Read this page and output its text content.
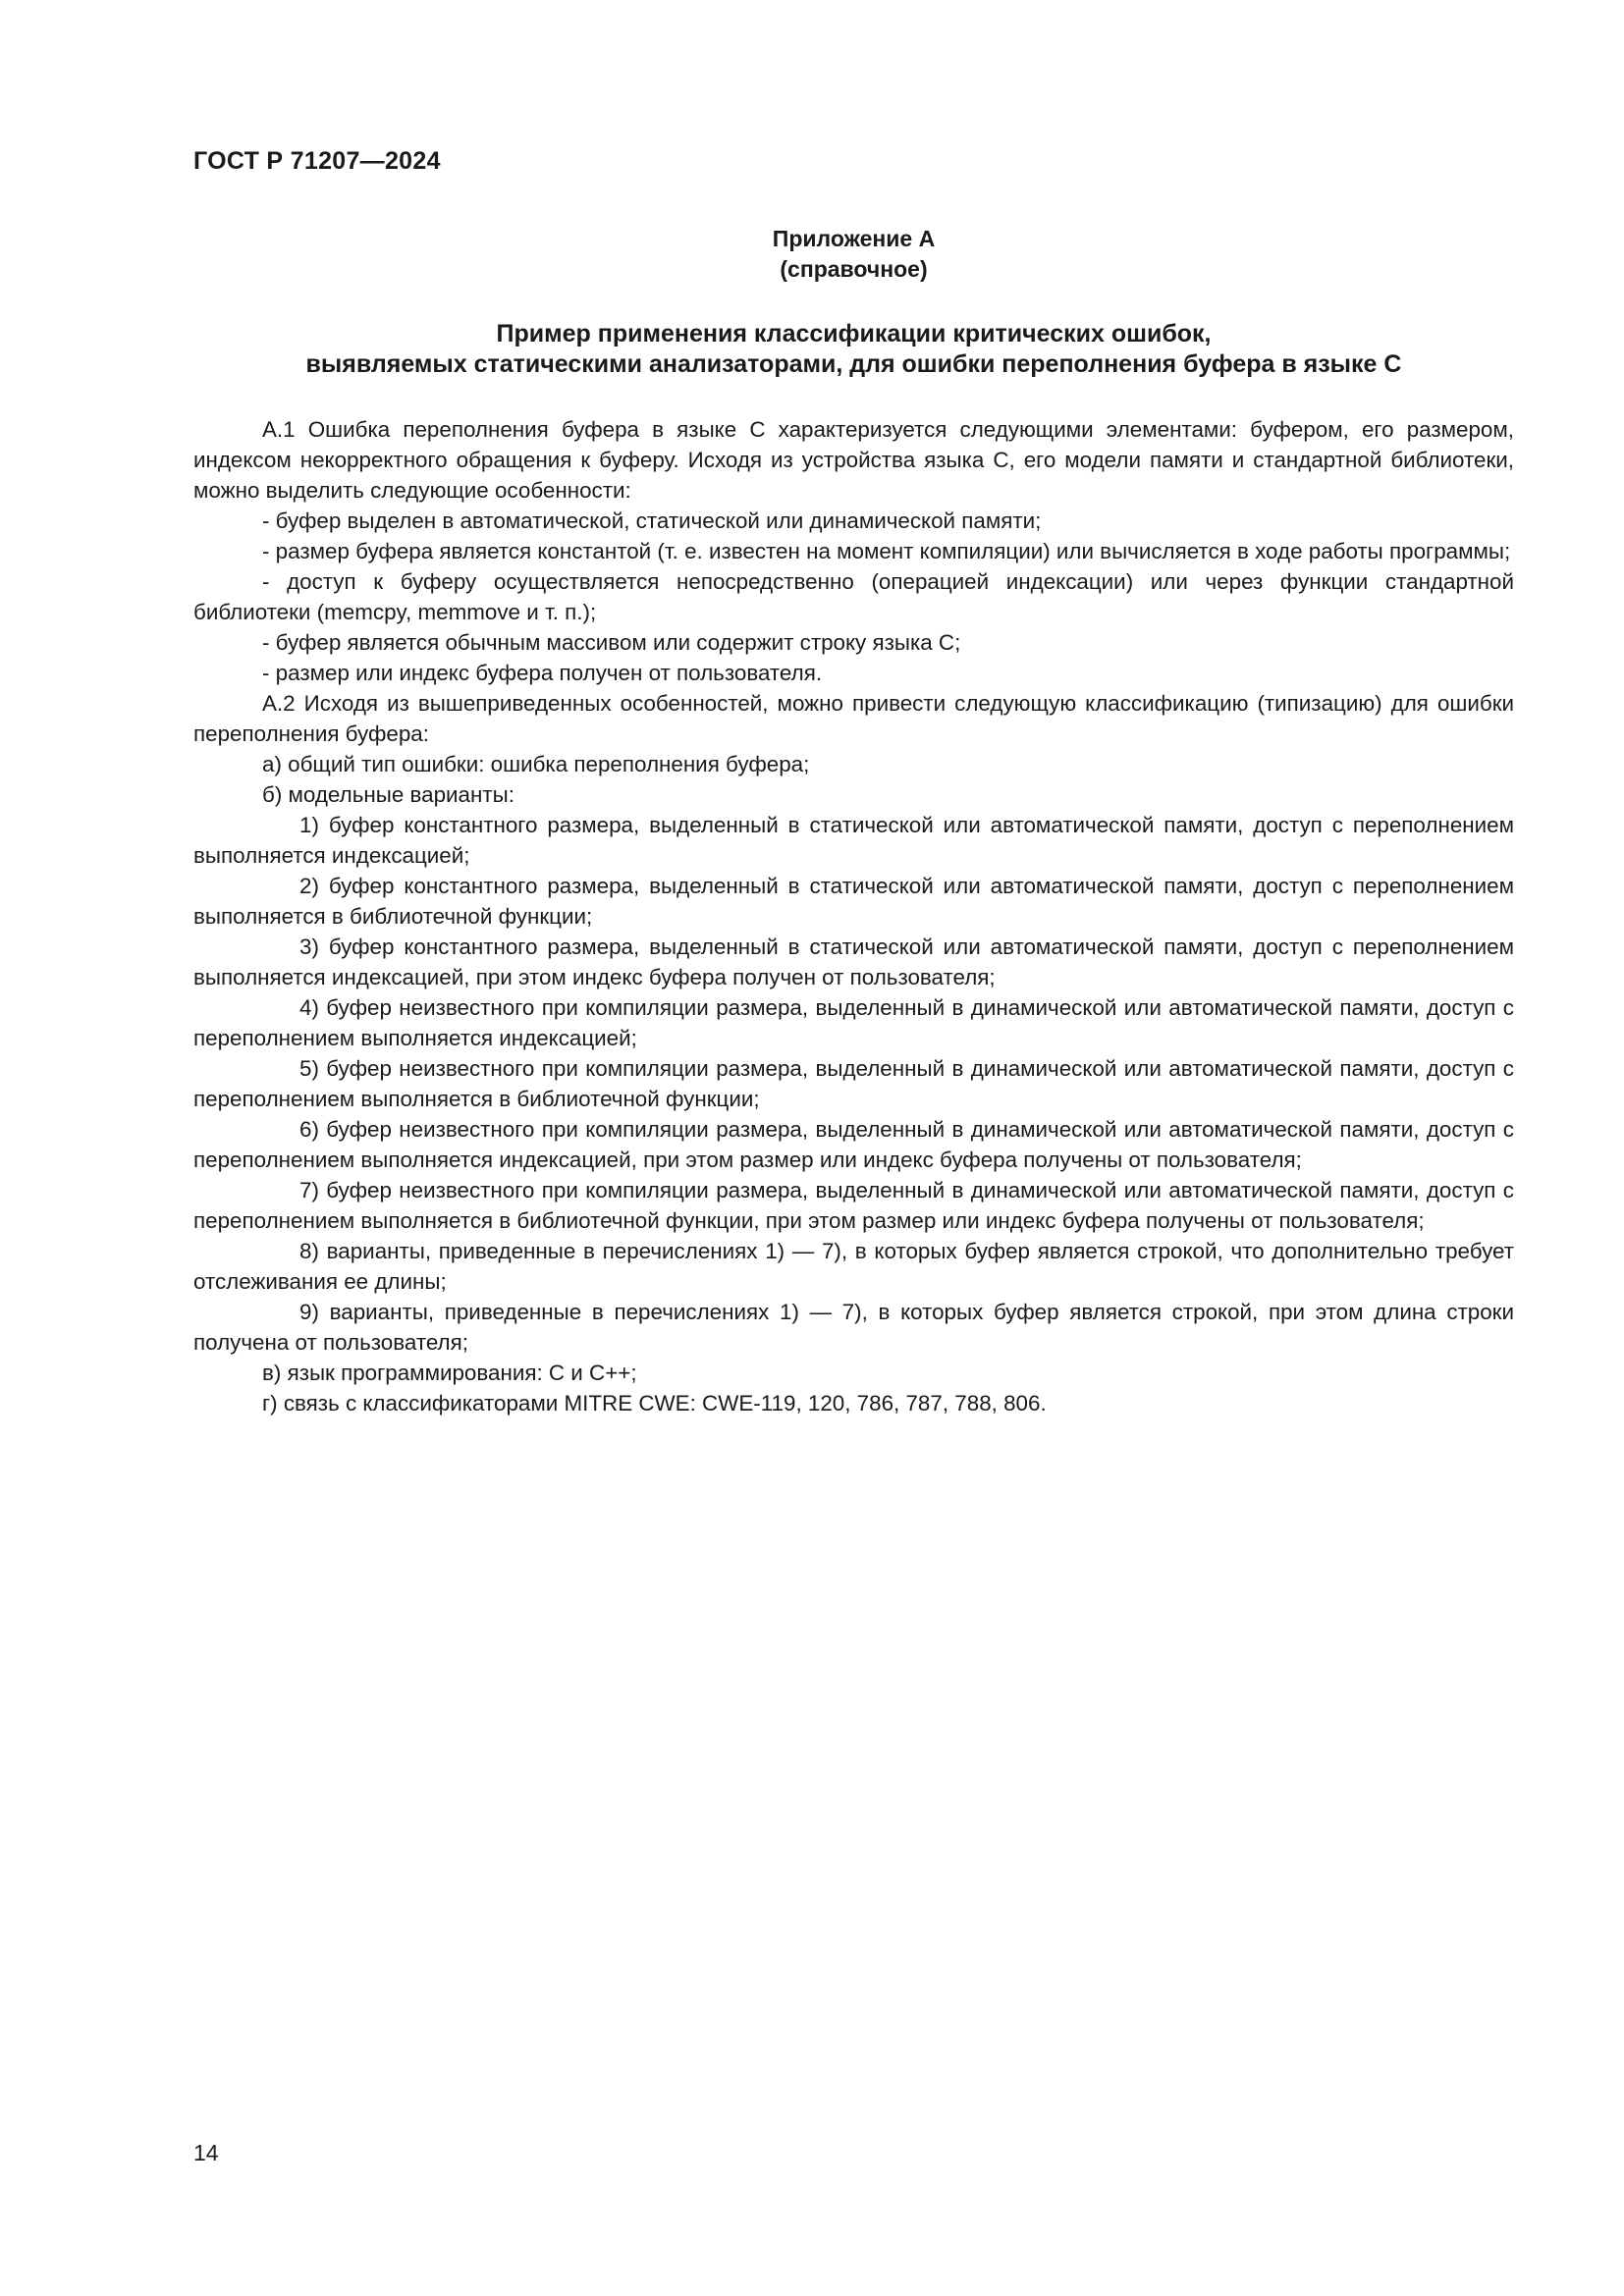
ГОСТ Р 71207—2024
Приложение А
(справочное)
Пример применения классификации критических ошибок,
выявляемых статическими анализаторами, для ошибки переполнения буфера в языке С

А.1 Ошибка переполнения буфера в языке С характеризуется следующими элементами: буфером, его размером, индексом некорректного обращения к буферу. Исходя из устройства языка С, его модели памяти и стандартной библиотеки, можно выделить следующие особенности:

- буфер выделен в автоматической, статической или динамической памяти;

- размер буфера является константой (т. е. известен на момент компиляции) или вычисляется в ходе работы программы;

- доступ к буферу осуществляется непосредственно (операцией индексации) или через функции стандартной библиотеки (memcpy, memmove и т. п.);

- буфер является обычным массивом или содержит строку языка С;

- размер или индекс буфера получен от пользователя.

А.2 Исходя из вышеприведенных особенностей, можно привести следующую классификацию (типизацию) для ошибки переполнения буфера:

а) общий тип ошибки: ошибка переполнения буфера;

б) модельные варианты:

1) буфер константного размера, выделенный в статической или автоматической памяти, доступ с переполнением выполняется индексацией;

2) буфер константного размера, выделенный в статической или автоматической памяти, доступ с переполнением выполняется в библиотечной функции;

3) буфер константного размера, выделенный в статической или автоматической памяти, доступ с переполнением выполняется индексацией, при этом индекс буфера получен от пользователя;

4) буфер неизвестного при компиляции размера, выделенный в динамической или автоматической памяти, доступ с переполнением выполняется индексацией;

5) буфер неизвестного при компиляции размера, выделенный в динамической или автоматической памяти, доступ с переполнением выполняется в библиотечной функции;

6) буфер неизвестного при компиляции размера, выделенный в динамической или автоматической памяти, доступ с переполнением выполняется индексацией, при этом размер или индекс буфера получены от пользователя;

7) буфер неизвестного при компиляции размера, выделенный в динамической или автоматической памяти, доступ с переполнением выполняется в библиотечной функции, при этом размер или индекс буфера получены от пользователя;

8) варианты, приведенные в перечислениях 1) — 7), в которых буфер является строкой, что дополнительно требует отслеживания ее длины;

9) варианты, приведенные в перечислениях 1) — 7), в которых буфер является строкой, при этом длина строки получена от пользователя;

в) язык программирования: С и С++;

г) связь с классификаторами MITRE CWE: CWE-119, 120, 786, 787, 788, 806.

14
